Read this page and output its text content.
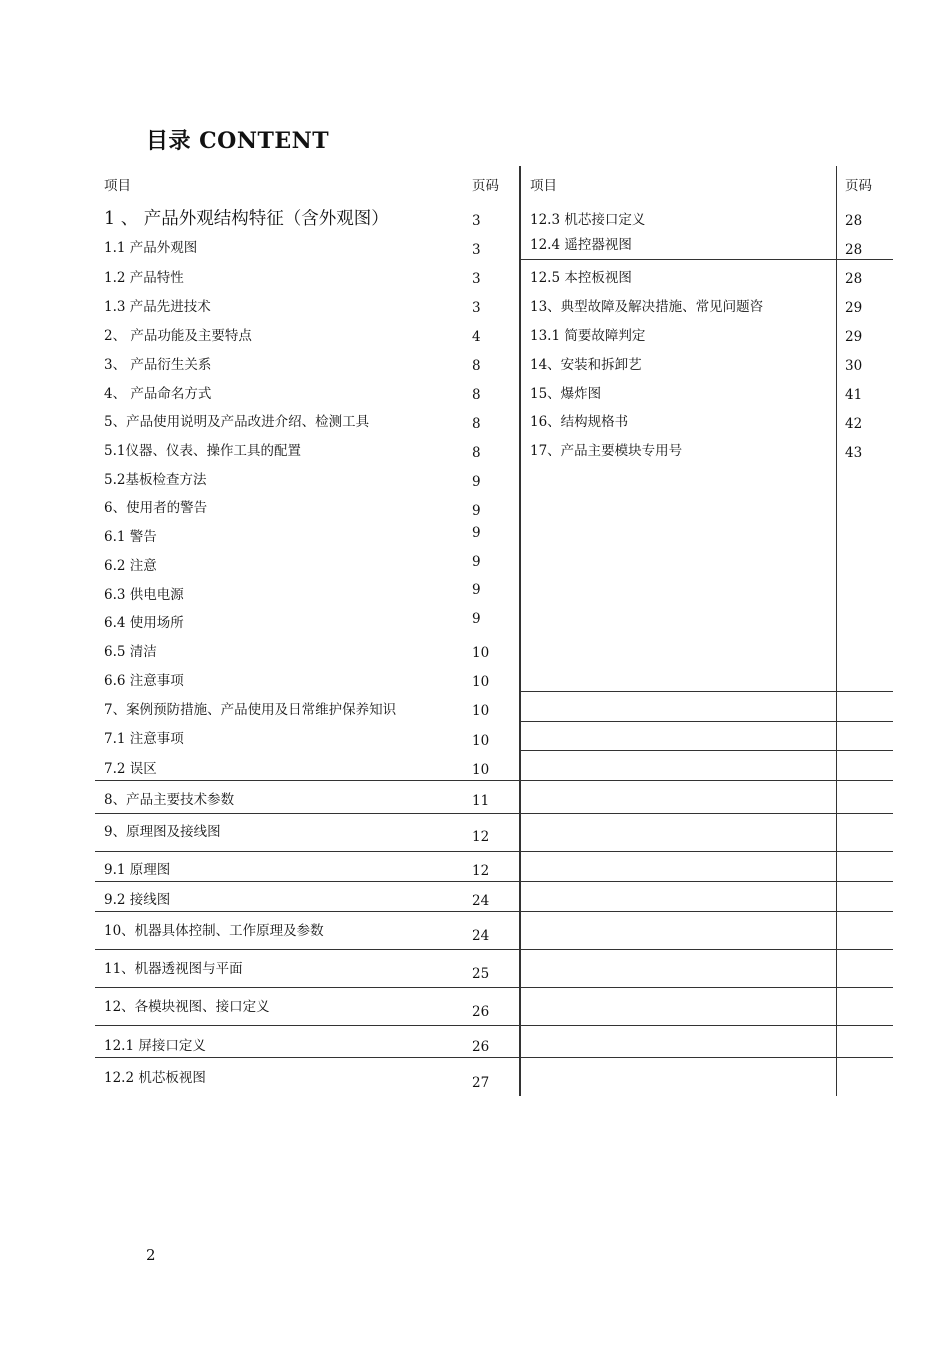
目录 CONTENT
项目	页码 项目	页码
1 、 产品外观结构特征（含外观图）	3
1.1 产品外观图	3
1.2 产品特性	3
1.3 产品先进技术	3
2、 产品功能及主要特点	4
3、 产品衍生关系	8
4、 产品命名方式	8
5、产品使用说明及产品改进介绍、检测工具	8
5.1仪器、仪表、操作工具的配置	8
5.2基板检查方法	9
6、使用者的警告	9
6.1 警告	9
6.2 注意	9
6.3 供电电源	9
6.4 使用场所	9
6.5 清洁	10
6.6 注意事项	10
7、案例预防措施、产品使用及日常维护保养知识	10
7.1 注意事项	10
7.2 误区	10
8、产品主要技术参数	11
9、原理图及接线图	12
9.1 原理图	12
9.2 接线图	24
10、机器具体控制、工作原理及参数	24
11、机器透视图与平面	25
12、各模块视图、接口定义	26
12.1 屏接口定义	26
12.2 机芯板视图	27
12.3 机芯接口定义	28
12.4 遥控器视图	28
12.5 本控板视图	28
13、典型故障及解决措施、常见问题咨	29
13.1 简要故障判定	29
14、安装和拆卸艺	30
15、爆炸图	41
16、结构规格书	42
17、产品主要模块专用号	43
2
